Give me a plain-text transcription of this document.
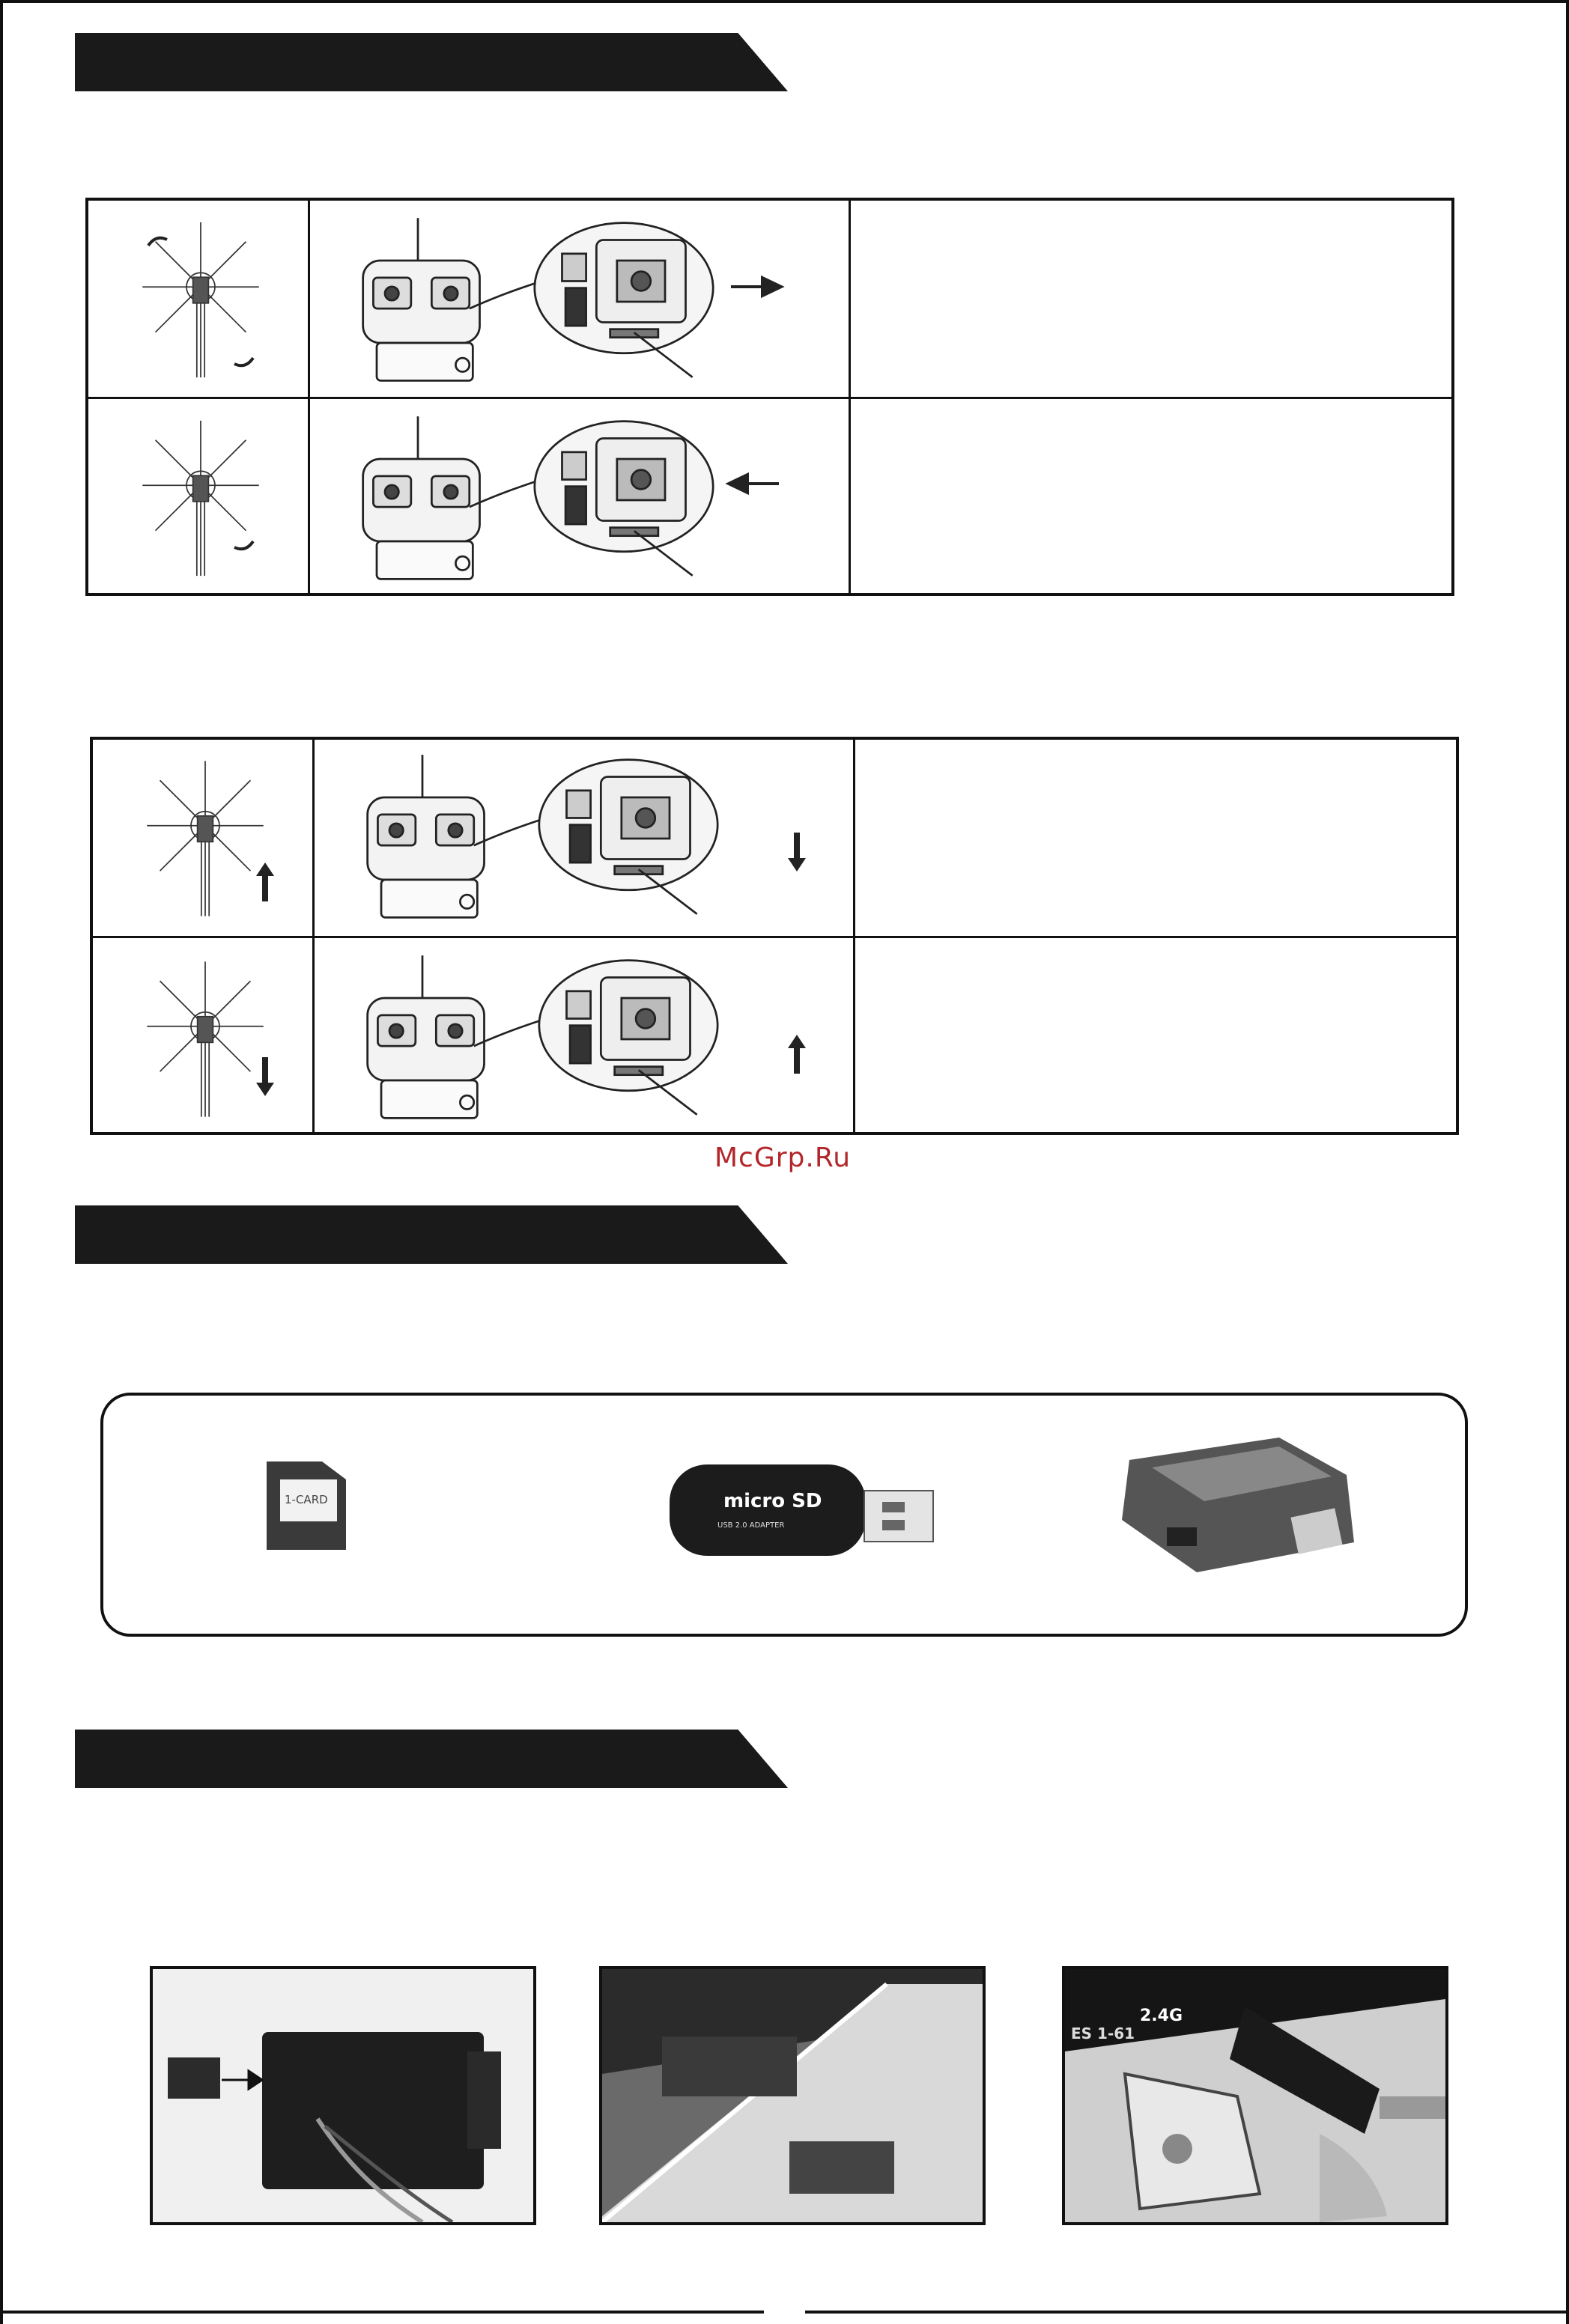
McGrp.Ru
1-CARD	micro SD
USB 2.0 ADAPTER
2.4G
ES 1-61
